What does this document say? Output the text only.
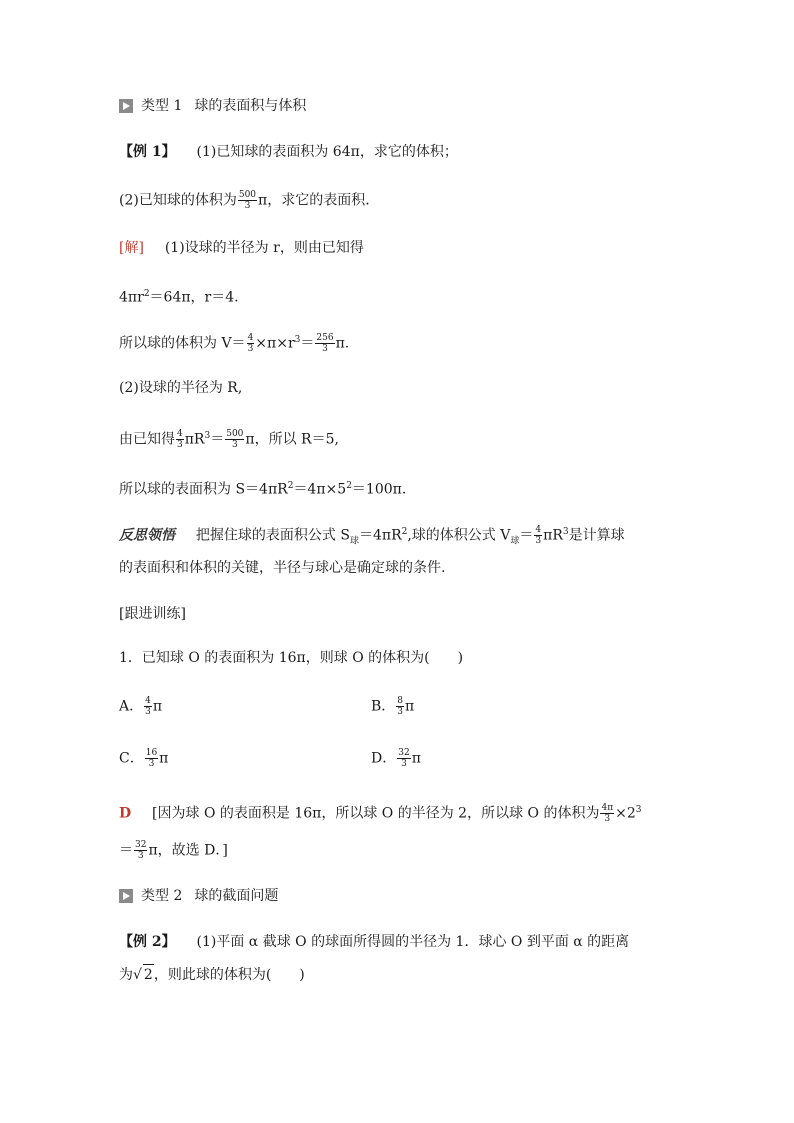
类型 1 球的表面积与体积
【例 1】 (1)已知球的表面积为 64π，求它的体积；
(2)已知球的体积为 $\frac{500}{3}$ π，求它的表面积.
[解] (1)设球的半径为 r，则由已知得
$4\pi r^2=64\pi$，r＝4.
所以球的体积为 $V= \frac{4}{3} \times\pi\times r^3= \frac{256}{3} \pi$.
(2)设球的半径为 R,
由已知得 $\frac{4}{3} \pi R^3= \frac{500}{3}$ π，所以 R＝5,
所以球的表面积为 $S=4\pi R^2=4\pi\times 5^2=100\pi$.
反思领悟 把握住球的表面积公式 $S_球=4\pi R^2$,球的体积公式 $V_球= \frac{4}{3} \pi R^3$是计算球
的表面积和体积的关键，半径与球心是确定球的条件.
[跟进训练]
1．已知球 O 的表面积为 16π，则球 O 的体积为(　　)
A． $\frac{4}{3}$ π	B． $\frac{8}{3}$ π
C． $\frac{16}{3}$ π	D． $\frac{32}{3}$ π
D [因为球 O 的表面积是 16π，所以球 O 的半径为 2，所以球 O 的体积为 $\frac{4\pi}{3} \times 2^3$
＝ $\frac{32}{3}$ π，故选 D．]
类型 2 球的截面问题
【例 2】 (1)平面 α 截球 O 的球面所得圆的半径为 1．球心 O 到平面 α 的距离
为√ 2，则此球的体积为(　　)
